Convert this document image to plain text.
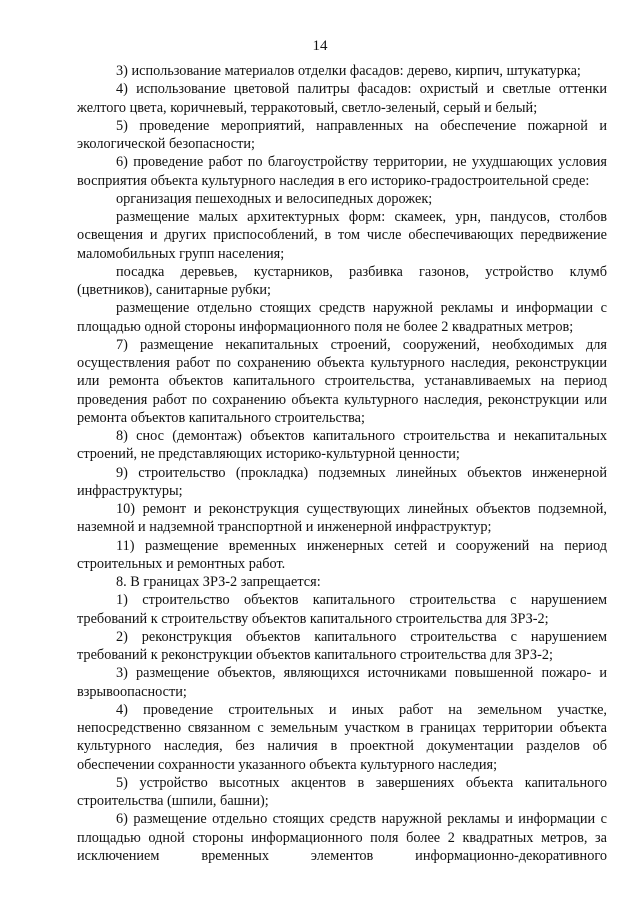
14

3) использование материалов отделки фасадов: дерево, кирпич, штукатурка;

4) использование цветовой палитры фасадов: охристый и светлые оттенки желтого цвета, коричневый, терракотовый, светло-зеленый, серый и белый;

5) проведение мероприятий, направленных на обеспечение пожарной и экологической безопасности;

6) проведение работ по благоустройству территории, не ухудшающих условия восприятия объекта культурного наследия в его историко-градостроительной среде:

организация пешеходных и велосипедных дорожек;

размещение малых архитектурных форм: скамеек, урн, пандусов, столбов освещения и других приспособлений, в том числе обеспечивающих передвижение маломобильных групп населения;

посадка деревьев, кустарников, разбивка газонов, устройство клумб (цветников), санитарные рубки;

размещение отдельно стоящих средств наружной рекламы и информации с площадью одной стороны информационного поля не более 2 квадратных метров;

7) размещение некапитальных строений, сооружений, необходимых для осуществления работ по сохранению объекта культурного наследия, реконструкции или ремонта объектов капитального строительства, устанавливаемых на период проведения работ по сохранению объекта культурного наследия, реконструкции или ремонта объектов капитального строительства;

8) снос (демонтаж) объектов капитального строительства и некапитальных строений, не представляющих историко-культурной ценности;

9) строительство (прокладка) подземных линейных объектов инженерной инфраструктуры;

10) ремонт и реконструкция существующих линейных объектов подземной, наземной и надземной транспортной и инженерной инфраструктур;

11) размещение временных инженерных сетей и сооружений на период строительных и ремонтных работ.

8. В границах ЗРЗ-2 запрещается:

1) строительство объектов капитального строительства с нарушением требований к строительству объектов капитального строительства для ЗРЗ-2;

2) реконструкция объектов капитального строительства с нарушением требований к реконструкции объектов капитального строительства для ЗРЗ-2;

3) размещение объектов, являющихся источниками повышенной пожаро- и взрывоопасности;

4) проведение строительных и иных работ на земельном участке, непосредственно связанном с земельным участком в границах территории объекта культурного наследия, без наличия в проектной документации разделов об обеспечении сохранности указанного объекта культурного наследия;

5) устройство высотных акцентов в завершениях объекта капитального строительства (шпили, башни);

6) размещение отдельно стоящих средств наружной рекламы и информации с площадью одной стороны информационного поля более 2 квадратных метров, за исключением временных элементов информационно-декоративного
